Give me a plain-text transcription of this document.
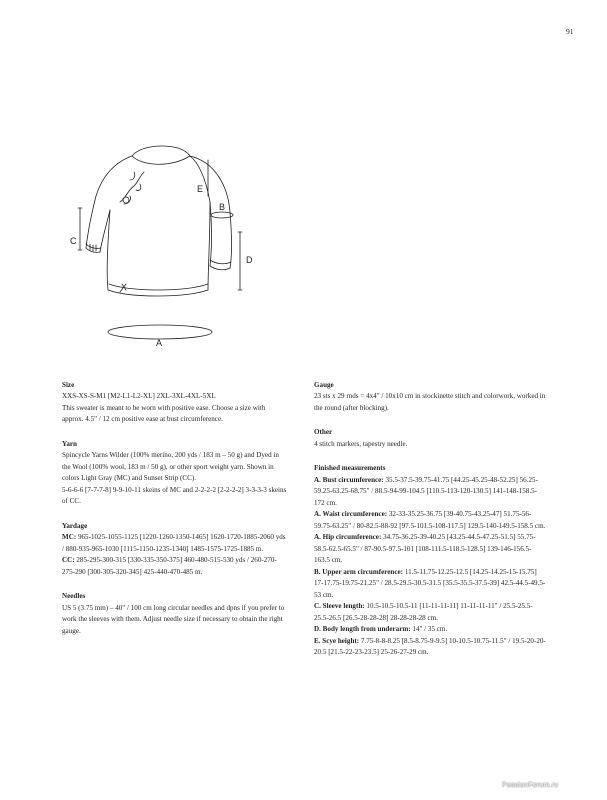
91
C
E
B
D
A

Size

XXS-XS-S-M1 [M2-L1-L2-XL] 2XL-3XL-4XL-5XL

This sweater is meant to be worn with positive ease. Choose a size with approx. 4.5" / 12 cm positive ease at bust circumference.

Yarn

Spincycle Yarns Wilder (100% merino, 200 yds / 183 m – 50 g) and Dyed in the Wool (100% wool, 183 m / 50 g), or other sport weight yarn. Shown in colors Light Gray (MC) and Sunset Strip (CC).

5-6-6-6 [7-7-7-8] 9-9-10-11 skeins of MC and 2-2-2-2 [2-2-2-2] 3-3-3-3 skeins of CC.

Yardage

MC: 965-1025-1055-1125 [1220-1260-1350-1465] 1620-1720-1885-2060 yds / 880-935-965-1030 [1115-1150-1235-1340] 1485-1575-1725-1885 m.

CC: 285-295-300-315 [330-335-350-375] 460-480-515-530 yds / 260-270-275-290 [300-305-320-345] 425-440-470-485 m.

Needles

US 5 (3.75 mm) – 40" / 100 cm long circular needles and dpns if you prefer to work the sleeves with them. Adjust needle size if necessary to obtain the right gauge.

Gauge

23 sts x 29 rnds = 4x4" / 10x10 cm in stockinette stitch and colorwork, worked in the round (after blocking).

Other

4 stitch markers, tapestry needle.

Finished measurements

A. Bust circumference: 35.5-37.5-39.75-41.75 [44.25-45.25-48-52.25] 56.25-59.25-63.25-68.75" / 88.5-94-99-104.5 [110.5-113-120-130.5] 141-148-158.5-172 cm.

A. Waist circumference: 32-33-35.25-36.75 [39-40.75-43.25-47] 51.75-56-59.75-63.25" / 80-82.5-88-92 [97.5-101.5-108-117.5] 129.5-140-149.5-158.5 cm.

A. Hip circumference: 34.75-36.25-39-40.25 [43.25-44.5-47.25-51.5] 55.75-58.5-62.5-65.5" / 87-90.5-97.5-101 [108-111.5-118.5-128.5] 139-146-156.5-163.5 cm.

B. Upper arm circumference: 11.5-11.75-12.25-12.5 [14.25-14.25-15-15.75] 17-17.75-19.75-21.25" / 28.5-29.5-30.5-31.5 [35.5-35.5-37.5-39] 42.5-44.5-49.5-53 cm.

C. Sleeve length: 10.5-10.5-10.5-11 [11-11-11-11] 11-11-11-11" / 25.5-25.5-25.5-26.5 [26.5-28-28-28] 28-28-28-28 cm.

D. Body length from underarm: 14" / 35 cm.

E. Scye height: 7.75-8-8-8.25 [8.5-8.75-9-9.5] 10-10.5-10.75-11.5" / 19.5-20-20-20.5 [21.5-22-23-23.5] 25-26-27-29 cm.

PassionForum.ru
